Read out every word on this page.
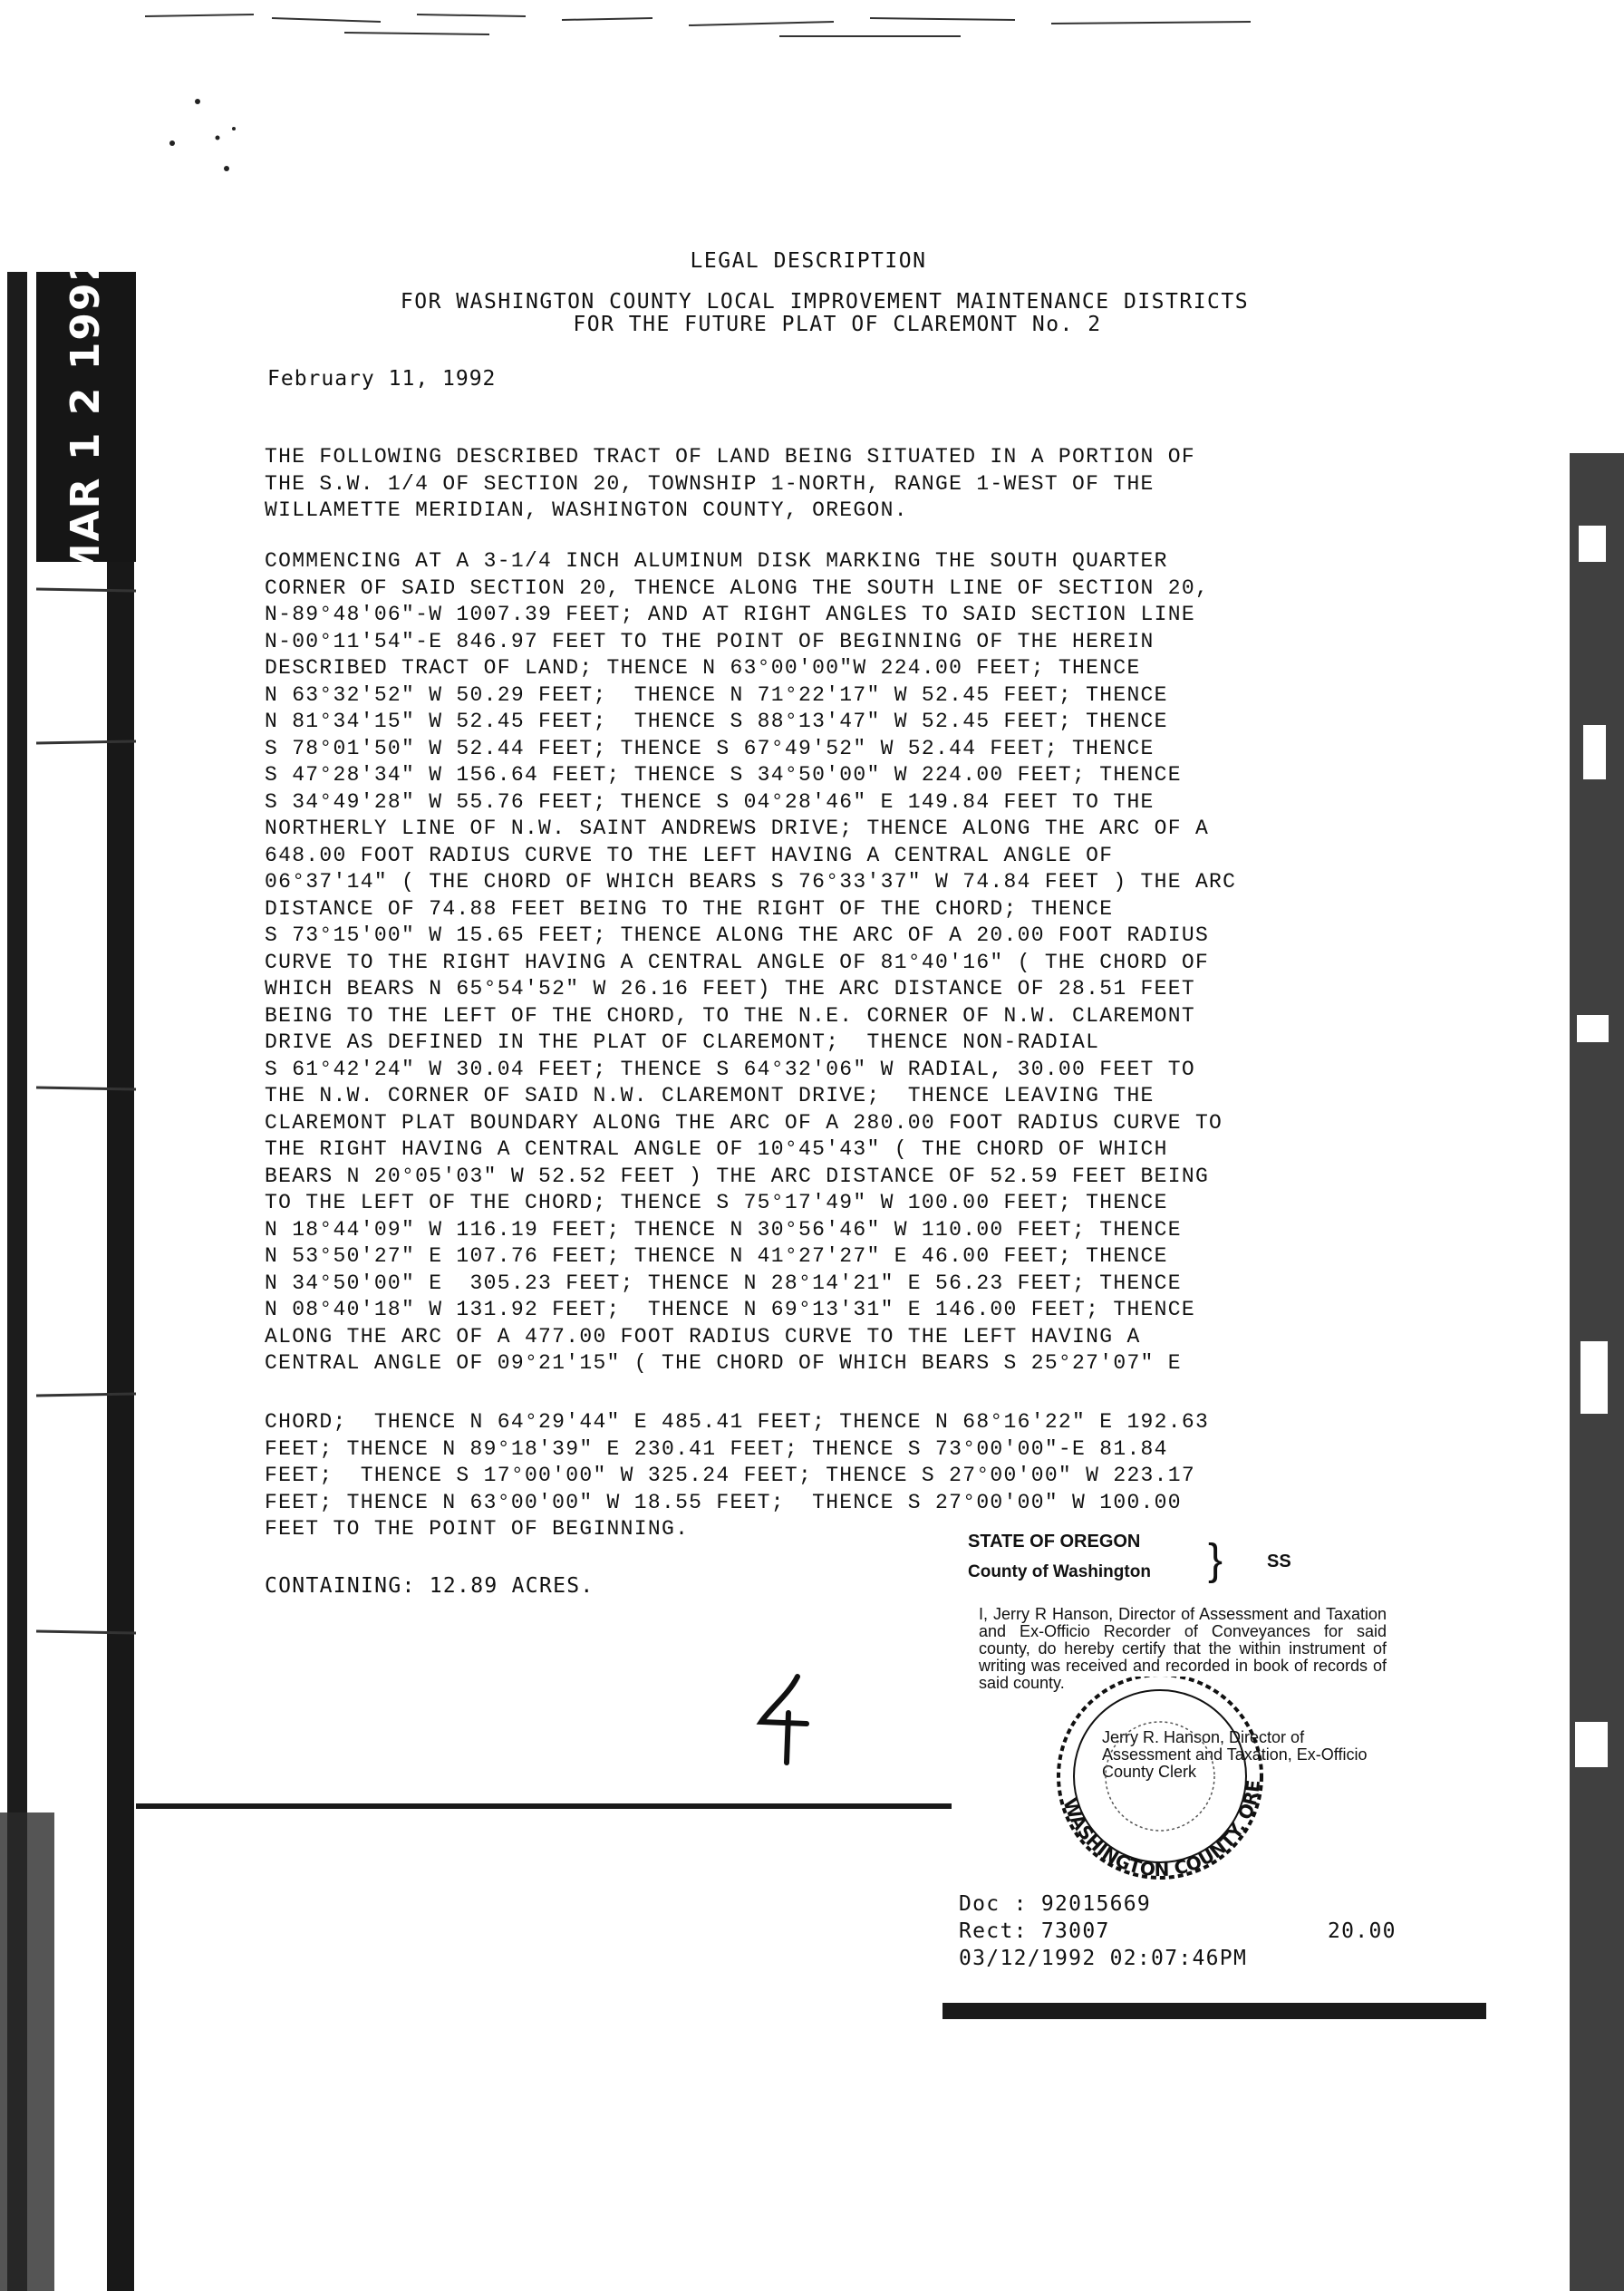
MAR 1 2 1992	LEGAL DESCRIPTION
FOR WASHINGTON COUNTY LOCAL IMPROVEMENT MAINTENANCE DISTRICTS
FOR THE FUTURE PLAT OF CLAREMONT No. 2
February 11, 1992
THE FOLLOWING DESCRIBED TRACT OF LAND BEING SITUATED IN A PORTION OF
THE S.W. 1/4 OF SECTION 20, TOWNSHIP 1-NORTH, RANGE 1-WEST OF THE
WILLAMETTE MERIDIAN, WASHINGTON COUNTY, OREGON.
COMMENCING AT A 3-1/4 INCH ALUMINUM DISK MARKING THE SOUTH QUARTER
CORNER OF SAID SECTION 20, THENCE ALONG THE SOUTH LINE OF SECTION 20,
N-89°48'06"-W 1007.39 FEET; AND AT RIGHT ANGLES TO SAID SECTION LINE
N-00°11'54"-E 846.97 FEET TO THE POINT OF BEGINNING OF THE HEREIN
DESCRIBED TRACT OF LAND; THENCE N 63°00'00"W 224.00 FEET; THENCE
N 63°32'52" W 50.29 FEET;  THENCE N 71°22'17" W 52.45 FEET; THENCE
N 81°34'15" W 52.45 FEET;  THENCE S 88°13'47" W 52.45 FEET; THENCE
S 78°01'50" W 52.44 FEET; THENCE S 67°49'52" W 52.44 FEET; THENCE
S 47°28'34" W 156.64 FEET; THENCE S 34°50'00" W 224.00 FEET; THENCE
S 34°49'28" W 55.76 FEET; THENCE S 04°28'46" E 149.84 FEET TO THE
NORTHERLY LINE OF N.W. SAINT ANDREWS DRIVE; THENCE ALONG THE ARC OF A
648.00 FOOT RADIUS CURVE TO THE LEFT HAVING A CENTRAL ANGLE OF
06°37'14" ( THE CHORD OF WHICH BEARS S 76°33'37" W 74.84 FEET ) THE ARC
DISTANCE OF 74.88 FEET BEING TO THE RIGHT OF THE CHORD; THENCE
S 73°15'00" W 15.65 FEET; THENCE ALONG THE ARC OF A 20.00 FOOT RADIUS
CURVE TO THE RIGHT HAVING A CENTRAL ANGLE OF 81°40'16" ( THE CHORD OF
WHICH BEARS N 65°54'52" W 26.16 FEET) THE ARC DISTANCE OF 28.51 FEET
BEING TO THE LEFT OF THE CHORD, TO THE N.E. CORNER OF N.W. CLAREMONT
DRIVE AS DEFINED IN THE PLAT OF CLAREMONT;  THENCE NON-RADIAL
S 61°42'24" W 30.04 FEET; THENCE S 64°32'06" W RADIAL, 30.00 FEET TO
THE N.W. CORNER OF SAID N.W. CLAREMONT DRIVE;  THENCE LEAVING THE
CLAREMONT PLAT BOUNDARY ALONG THE ARC OF A 280.00 FOOT RADIUS CURVE TO
THE RIGHT HAVING A CENTRAL ANGLE OF 10°45'43" ( THE CHORD OF WHICH
BEARS N 20°05'03" W 52.52 FEET ) THE ARC DISTANCE OF 52.59 FEET BEING
TO THE LEFT OF THE CHORD; THENCE S 75°17'49" W 100.00 FEET; THENCE
N 18°44'09" W 116.19 FEET; THENCE N 30°56'46" W 110.00 FEET; THENCE
N 53°50'27" E 107.76 FEET; THENCE N 41°27'27" E 46.00 FEET; THENCE
N 34°50'00" E  305.23 FEET; THENCE N 28°14'21" E 56.23 FEET; THENCE
N 08°40'18" W 131.92 FEET;  THENCE N 69°13'31" E 146.00 FEET; THENCE
ALONG THE ARC OF A 477.00 FOOT RADIUS CURVE TO THE LEFT HAVING A
CENTRAL ANGLE OF 09°21'15" ( THE CHORD OF WHICH BEARS S 25°27'07" E
CHORD;  THENCE N 64°29'44" E 485.41 FEET; THENCE N 68°16'22" E 192.63
FEET; THENCE N 89°18'39" E 230.41 FEET; THENCE S 73°00'00"-E 81.84
FEET;  THENCE S 17°00'00" W 325.24 FEET; THENCE S 27°00'00" W 223.17
FEET; THENCE N 63°00'00" W 18.55 FEET;  THENCE S 27°00'00" W 100.00
FEET TO THE POINT OF BEGINNING.
CONTAINING: 12.89 ACRES.
STATE OF OREGON
County of Washington } SS

I, Jerry R Hanson, Director of Assessment and Taxation and Ex-Officio Recorder of Conveyances for said county, do hereby certify that the within instrument of writing was received and recorded in book of records of said county.

Jerry R. Hanson, Director of Assessment and Taxation, Ex-Officio County Clerk

WASHINGTON COUNTY, ORE
Doc : 92015669
Rect: 73007	20.00
03/12/1992 02:07:46PM
